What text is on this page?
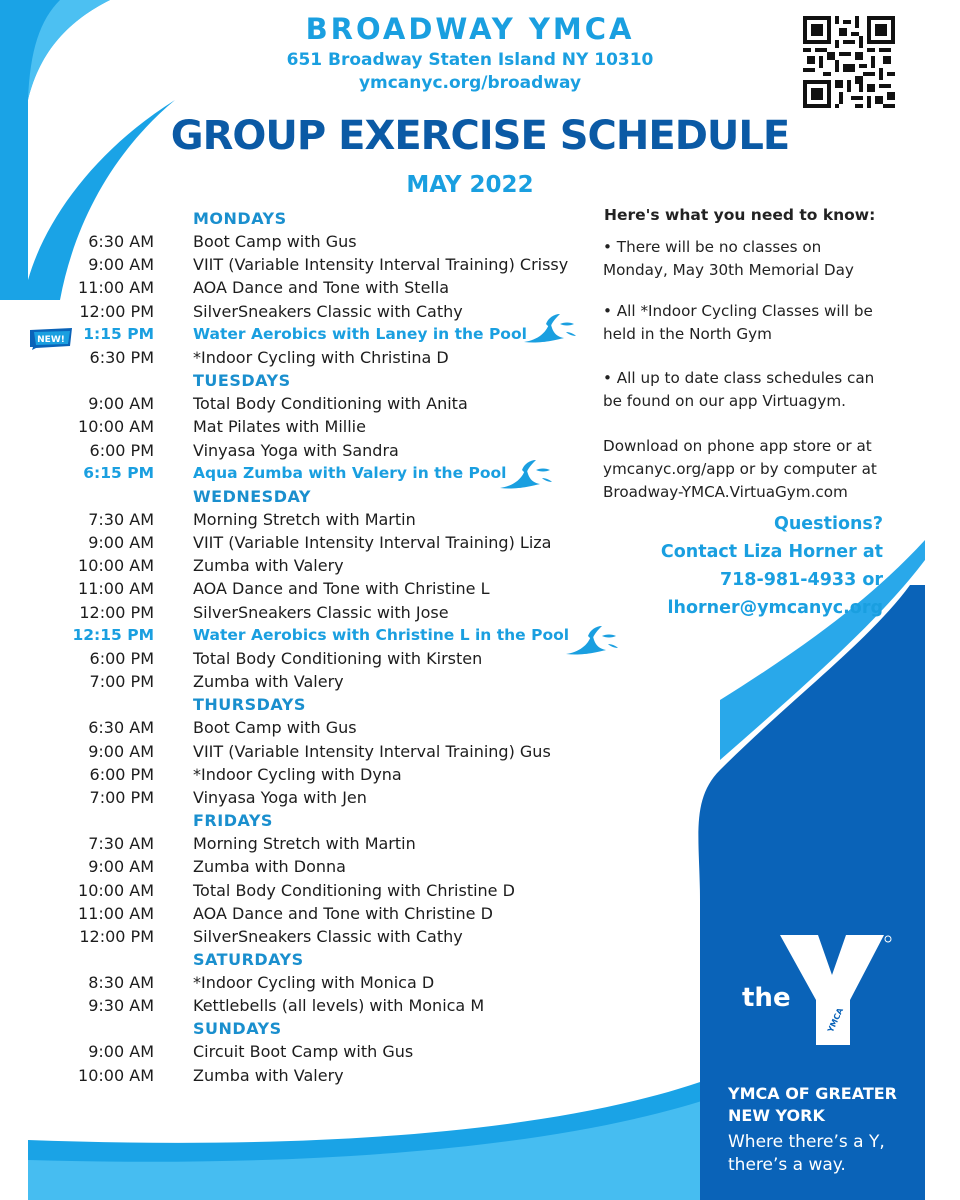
BROADWAY YMCA
651 Broadway Staten Island NY 10310
ymcanyc.org/broadway
GROUP EXERCISE SCHEDULE
MAY 2022
NEW!
MONDAYS
6:30 AM Boot Camp with Gus
9:00 AM VIIT (Variable Intensity Interval Training) Crissy
11:00 AM AOA Dance and Tone with Stella
12:00 PM SilverSneakers Classic with Cathy
1:15 PM	Water Aerobics with Laney in the Pool
6:30 PM *Indoor Cycling with Christina D
TUESDAYS
9:00 AM Total Body Conditioning with Anita
10:00 AM Mat Pilates with Millie
6:00 PM Vinyasa Yoga with Sandra
6:15 PM	Aqua Zumba with Valery in the Pool
WEDNESDAY
7:30 AM Morning Stretch with Martin
9:00 AM VIIT (Variable Intensity Interval Training) Liza
10:00 AM Zumba with Valery
11:00 AM AOA Dance and Tone with Christine L
12:00 PM SilverSneakers Classic with Jose
12:15 PM	Water Aerobics with Christine L in the Pool
6:00 PM Total Body Conditioning with Kirsten
7:00 PM Zumba with Valery
THURSDAYS
6:30 AM Boot Camp with Gus
9:00 AM VIIT (Variable Intensity Interval Training) Gus
6:00 PM *Indoor Cycling with Dyna
7:00 PM Vinyasa Yoga with Jen
FRIDAYS
7:30 AM Morning Stretch with Martin
9:00 AM Zumba with Donna
10:00 AM Total Body Conditioning with Christine D
11:00 AM AOA Dance and Tone with Christine D
12:00 PM SilverSneakers Classic with Cathy
SATURDAYS
8:30 AM *Indoor Cycling with Monica D
9:30 AM Kettlebells (all levels) with Monica M
SUNDAYS
9:00 AM Circuit Boot Camp with Gus
10:00 AM Zumba with Valery
Here's what you need to know:
• There will be no classes on
Monday, May 30th Memorial Day
• All *Indoor Cycling Classes will be
held in the North Gym
• All up to date class schedules can
be found on our app Virtuagym.
Download on phone app store or at
ymcanyc.org/app or by computer at
Broadway-YMCA.VirtuaGym.com
Questions?
Contact Liza Horner at
718-981-4933 or
lhorner@ymcanyc.org
the
YMCA
YMCA OF GREATER
NEW YORK
Where there’s a Y,
there’s a way.
